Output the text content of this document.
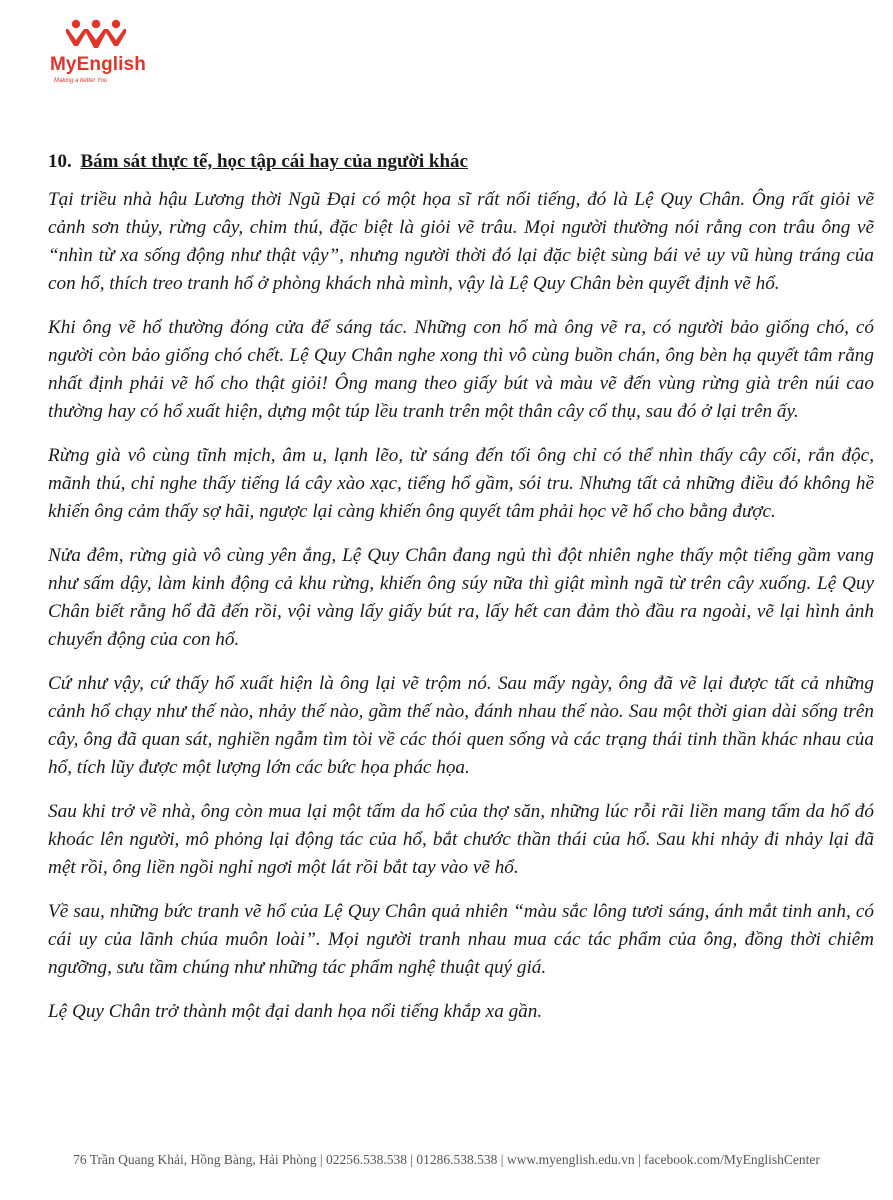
MyEnglish
Making a better You
10. Bám sát thực tế, học tập cái hay của người khác

Tại triều nhà hậu Lương thời Ngũ Đại có một họa sĩ rất nổi tiếng, đó là Lệ Quy Chân. Ông rất giỏi vẽ cảnh sơn thủy, rừng cây, chim thú, đặc biệt là giỏi vẽ trâu. Mọi người thường nói rằng con trâu ông vẽ “nhìn từ xa sống động như thật vậy”, nhưng người thời đó lại đặc biệt sùng bái vẻ uy vũ hùng tráng của con hổ, thích treo tranh hổ ở phòng khách nhà mình, vậy là Lệ Quy Chân bèn quyết định vẽ hổ.

Khi ông vẽ hổ thường đóng cửa để sáng tác. Những con hổ mà ông vẽ ra, có người bảo giống chó, có người còn bảo giống chó chết. Lệ Quy Chân nghe xong thì vô cùng buồn chán, ông bèn hạ quyết tâm rằng nhất định phải vẽ hổ cho thật giỏi! Ông mang theo giấy bút và màu vẽ đến vùng rừng già trên núi cao thường hay có hổ xuất hiện, dựng một túp lều tranh trên một thân cây cổ thụ, sau đó ở lại trên ấy.

Rừng già vô cùng tĩnh mịch, âm u, lạnh lẽo, từ sáng đến tối ông chỉ có thể nhìn thấy cây cối, rắn độc, mãnh thú, chỉ nghe thấy tiếng lá cây xào xạc, tiếng hổ gầm, sói tru. Nhưng tất cả những điều đó không hề khiến ông cảm thấy sợ hãi, ngược lại càng khiến ông quyết tâm phải học vẽ hổ cho bằng được.

Nửa đêm, rừng già vô cùng yên ắng, Lệ Quy Chân đang ngủ thì đột nhiên nghe thấy một tiếng gầm vang như sấm dậy, làm kinh động cả khu rừng, khiến ông súy nữa thì giật mình ngã từ trên cây xuống. Lệ Quy Chân biết rằng hổ đã đến rồi, vội vàng lấy giấy bút ra, lấy hết can đảm thò đầu ra ngoài, vẽ lại hình ảnh chuyển động của con hổ.

Cứ như vậy, cứ thấy hổ xuất hiện là ông lại vẽ trộm nó. Sau mấy ngày, ông đã vẽ lại được tất cả những cảnh hổ chạy như thế nào, nhảy thế nào, gầm thế nào, đánh nhau thế nào. Sau một thời gian dài sống trên cây, ông đã quan sát, nghiền ngẫm tìm tòi về các thói quen sống và các trạng thái tinh thần khác nhau của hổ, tích lũy được một lượng lớn các bức họa phác họa.

Sau khi trở về nhà, ông còn mua lại một tấm da hổ của thợ săn, những lúc rỗi rãi liền mang tấm da hổ đó khoác lên người, mô phỏng lại động tác của hổ, bắt chước thần thái của hổ. Sau khi nhảy đi nhảy lại đã mệt rồi, ông liền ngồi nghỉ ngơi một lát rồi bắt tay vào vẽ hổ.

Về sau, những bức tranh vẽ hổ của Lệ Quy Chân quả nhiên “màu sắc lông tươi sáng, ánh mắt tinh anh, có cái uy của lãnh chúa muôn loài”. Mọi người tranh nhau mua các tác phẩm của ông, đồng thời chiêm ngưỡng, sưu tầm chúng như những tác phẩm nghệ thuật quý giá.

Lệ Quy Chân trở thành một đại danh họa nổi tiếng khắp xa gần.

76 Trần Quang Khải, Hồng Bàng, Hải Phòng | 02256.538.538 | 01286.538.538 | www.myenglish.edu.vn | facebook.com/MyEnglishCenter
